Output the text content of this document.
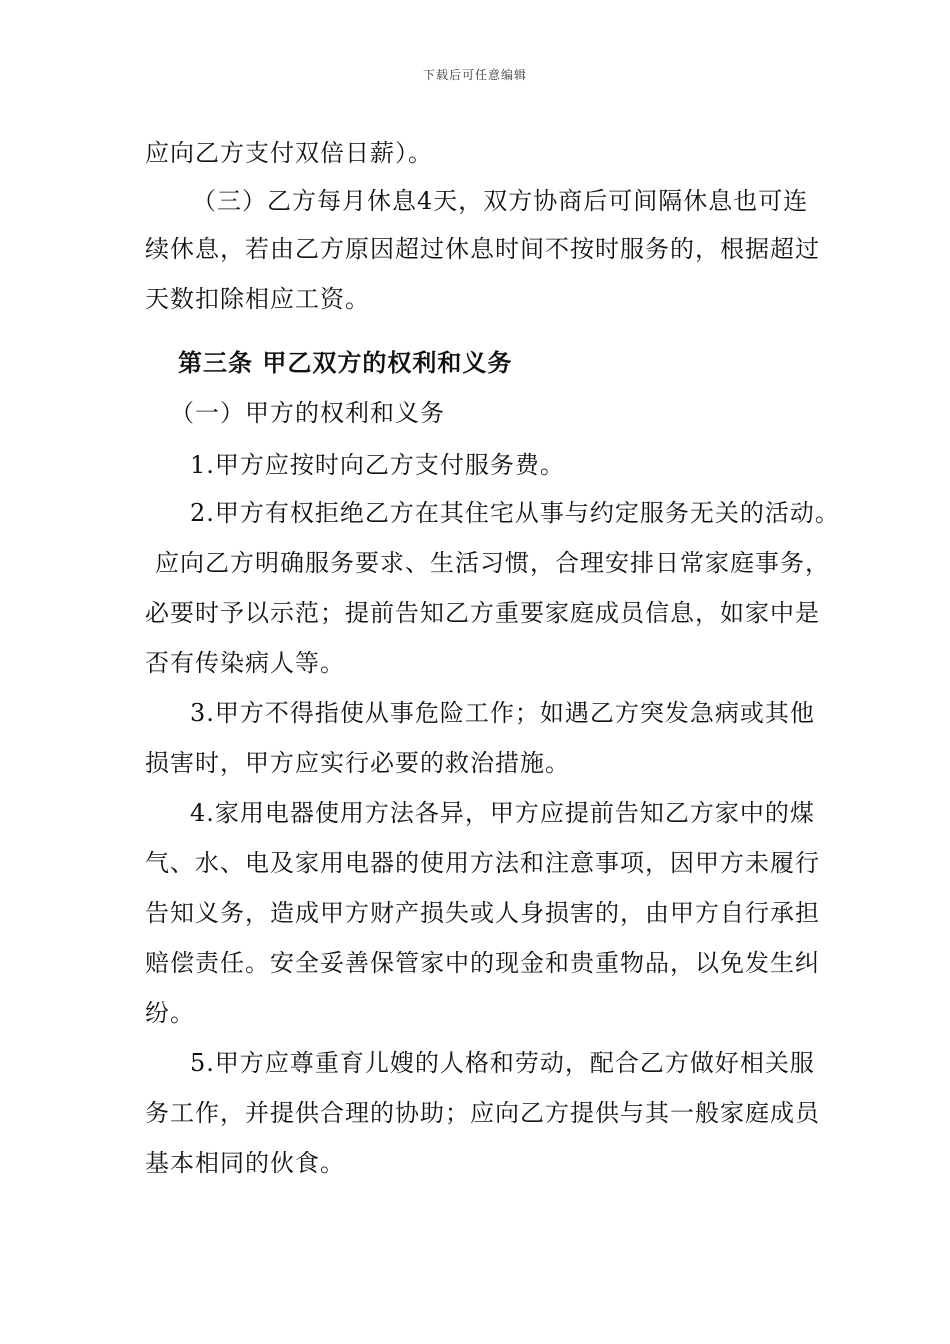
下载后可任意编辑
应向乙方支付双倍日薪）。
（三）乙方每月休息4天，双方协商后可间隔休息也可连
续休息，若由乙方原因超过休息时间不按时服务的，根据超过
天数扣除相应工资。
第三条 甲乙双方的权利和义务
（一）甲方的权利和义务
1.甲方应按时向乙方支付服务费。
2.甲方有权拒绝乙方在其住宅从事与约定服务无关的活动。
应向乙方明确服务要求、生活习惯，合理安排日常家庭事务，
必要时予以示范；提前告知乙方重要家庭成员信息，如家中是
否有传染病人等。
3.甲方不得指使从事危险工作；如遇乙方突发急病或其他
损害时，甲方应实行必要的救治措施。
4.家用电器使用方法各异，甲方应提前告知乙方家中的煤
气、水、电及家用电器的使用方法和注意事项，因甲方未履行
告知义务，造成甲方财产损失或人身损害的，由甲方自行承担
赔偿责任。安全妥善保管家中的现金和贵重物品，以免发生纠
纷。
5.甲方应尊重育儿嫂的人格和劳动，配合乙方做好相关服
务工作，并提供合理的协助；应向乙方提供与其一般家庭成员
基本相同的伙食。
